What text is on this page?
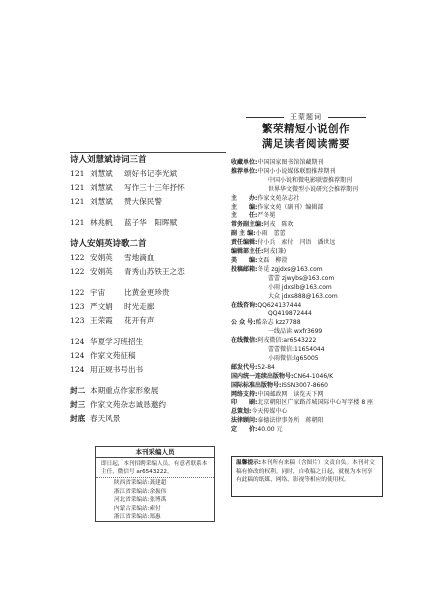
王蒙题词
繁荣精短小说创作
满足读者阅读需要
诗人刘慧斌诗词三首
121 刘慧斌 颂好书记李光斌
121 刘慧斌 写作三十三年抒怀
121 刘慧斌 赞大保民警
121 林兆帆 蓝子华　阳晖赋
诗人安娟英诗歌二首
122 安娟英 雪地滴血
122 安娟英 青秀山苏铁王之恋
122 宇宙 比黄金更珍贵
123 严文娟 时光走廊
123 王荣霞 花开有声
124 华夏学习班招生
124 作家文苑征稿
124 用正规书号出书
封二 本期重点作家形象展
封三 作家文苑杂志诚恳邀约
封底 春天风景
本刊采编人员
即日起，本刊招聘采编人员，有意者联系本主任，微信号 ar6543222。
陕西省采编站:龚建超
浙江省采编站:余振伟
河北省采编站:张博禹
内蒙古采编站:索付
浙江省采编站:郑惠
收藏单位:中国国家图书馆馆藏期刊
推荐单位:中国小小说媒体联盟推荐期刊
中国小说和微电影联盟推荐期刊
世界华文微型小说研究会推荐期刊
主　　办:作家文苑杂志社
主　　编:作家文苑（副刊）编辑部
主　　任:严冬冕
常务副主编:阿戎　陈欢
副 主 编:小雨　蕾蕾
责任编辑:付小兵　索付　闫语　潘世远
编辑部主任:阿戎(兼)
美　　编:文磊　柳澄
投稿邮箱:冬觅 zgjdxs@163.com
蕾蕾 zjwybs@163.com
小雨 jdxslb@163.com
大众 jdxs888@163.com
在线咨询:QQ624137444
QQ419872444
公 众 号:酷杂志 kzz7788
一线品读 wxfr3699
在线微信:阿戎微信:ar6543222
蕾蕾微信:11654044
小雨微信:lg65005
邮发代号:52-84
国内统一连续出版物号:CN64-1046/K
国际标准出版物号:ISSN3007-8660
网络支持:中国邮政网　读览天下网
印　　刷:北京朝阳区广家路首城国际中心写字楼 8 座
总策划:今天传媒中心
法律顾问:泰德法律事务所　蒋朝阳
定　　价:40.00 元
温馨提示:本刊所有来稿（含图片）文责自负。本刊对文稿有修改的权利。同时，自收稿之日起，就视为本刊享有此稿的纸媒、网络、影视等相应的使用权。
